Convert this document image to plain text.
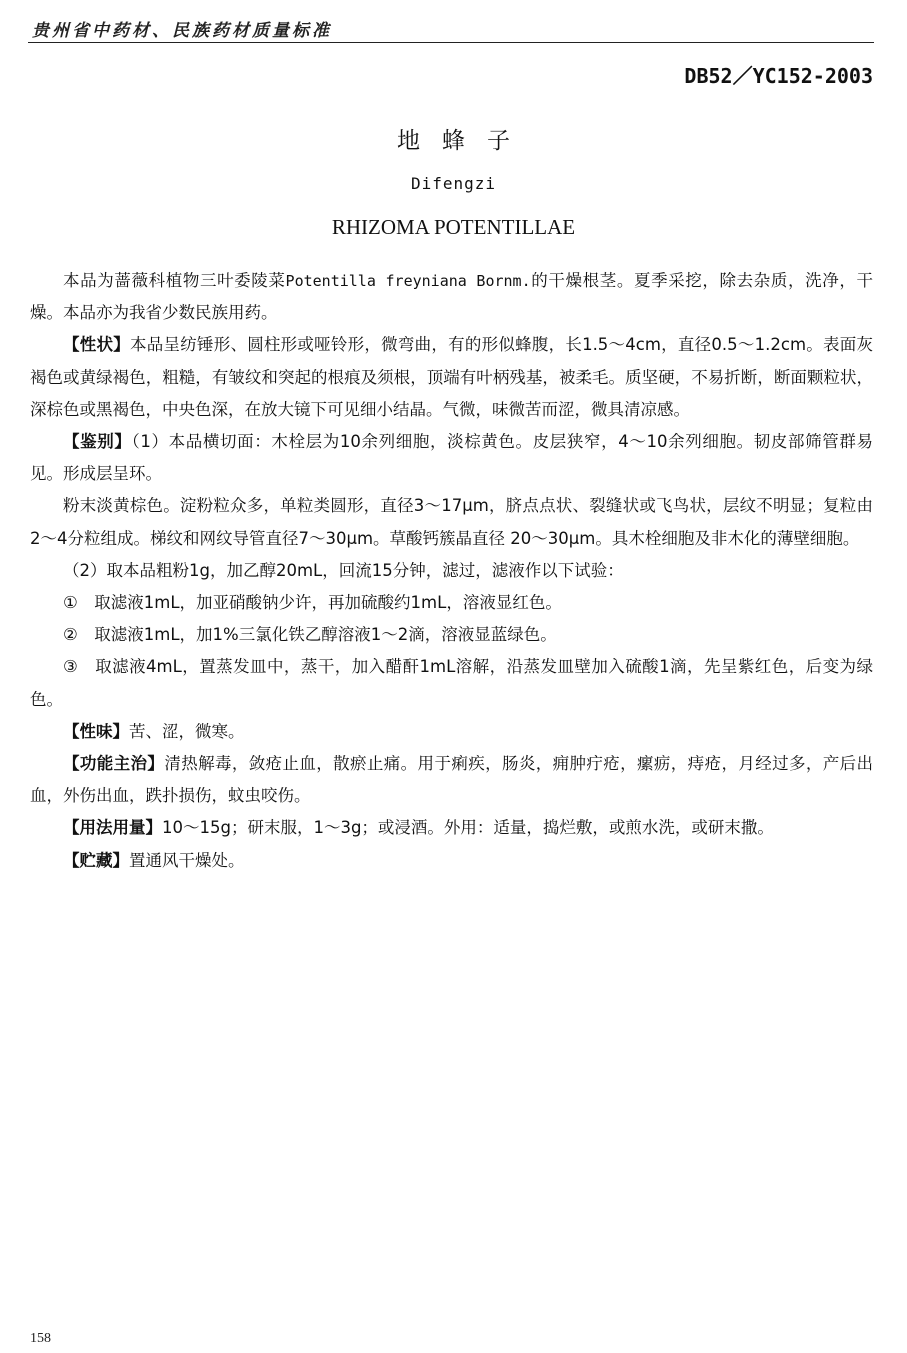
贵州省中药材、民族药材质量标准
DB52／YC152-2003
地蜂子
Difengzi
RHIZOMA POTENTILLAE

本品为蔷薇科植物三叶委陵菜Potentilla freyniana Bornm.的干燥根茎。夏季采挖，除去杂质，洗净，干燥。本品亦为我省少数民族用药。

【性状】本品呈纺锤形、圆柱形或哑铃形，微弯曲，有的形似蜂腹，长1.5～4cm，直径0.5～1.2cm。表面灰褐色或黄绿褐色，粗糙，有皱纹和突起的根痕及须根，顶端有叶柄残基，被柔毛。质坚硬，不易折断，断面颗粒状，深棕色或黑褐色，中央色深，在放大镜下可见细小结晶。气微，味微苦而涩，微具清凉感。

【鉴别】（1）本品横切面：木栓层为10余列细胞，淡棕黄色。皮层狭窄，4～10余列细胞。韧皮部筛管群易见。形成层呈环。

粉末淡黄棕色。淀粉粒众多，单粒类圆形，直径3～17μm，脐点点状、裂缝状或飞鸟状，层纹不明显；复粒由 2～4分粒组成。梯纹和网纹导管直径7～30μm。草酸钙簇晶直径 20～30μm。具木栓细胞及非木化的薄壁细胞。

（2）取本品粗粉1g，加乙醇20mL，回流15分钟，滤过，滤液作以下试验：

①　取滤液1mL，加亚硝酸钠少许，再加硫酸约1mL，溶液显红色。

②　取滤液1mL，加1%三氯化铁乙醇溶液1～2滴，溶液显蓝绿色。

③　取滤液4mL，置蒸发皿中，蒸干，加入醋酐1mL溶解，沿蒸发皿壁加入硫酸1滴，先呈紫红色，后变为绿色。

【性味】苦、涩，微寒。

【功能主治】清热解毒，敛疮止血，散瘀止痛。用于痢疾，肠炎，痈肿疔疮，瘰疬，痔疮，月经过多，产后出血，外伤出血，跌扑损伤，蚊虫咬伤。

【用法用量】10～15g；研末服，1～3g；或浸酒。外用：适量，捣烂敷，或煎水洗，或研末撒。

【贮藏】置通风干燥处。

158
